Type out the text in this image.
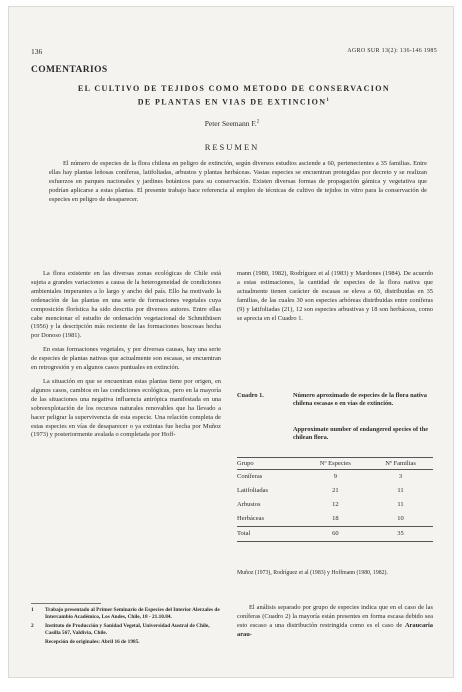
136	AGRO SUR 13(2): 136-146 1985
COMENTARIOS
EL CULTIVO DE TEJIDOS COMO METODO DE CONSERVACION
DE PLANTAS EN VIAS DE EXTINCION$^1$
Peter Seemann F.$^2$
RESUMEN
El número de especies de la flora chilena en peligro de extinción, según diversos estudios asciende a 60, pertenecientes a 35 familias. Entre ellas hay plantas leñosas coníferas, latifoliadas, arbustos y plantas herbáceas. Vastas especies se encuentran protegidas por decreto y se realizan esfuerzos en parques nacionales y jardines botánicos para su conservación. Existen diversas formas de propagación gámica y vegetativa que podrían aplicarse a estas plantas. El presente trabajo hace referencia al empleo de técnicas de cultivo de tejidos in vitro para la conservación de especies en peligro de desaparecer.

La flora existente en las diversas zonas ecológicas de Chile está sujeta a grandes variaciones a causa de la heterogeneidad de condiciones ambientales imperantes a lo largo y ancho del país. Ello ha motivado la ordenación de las plantas en una serie de formaciones vegetales cuya composición florística ha sido descrita por diversos autores. Entre ellas cabe mencionar el estudio de ordenación vegetacional de Schmithüsen (1956) y la descripción más reciente de las formaciones boscosas hecha por Donoso (1981).

En estas formaciones vegetales, y por diversas causas, hay una serie de especies de plantas nativas que actualmente son escasas, se encuentran en retrogresión y en algunos casos puntuales en extinción.

La situación en que se encuentran estas plantas tiene por origen, en algunos casos, cambios en las condiciones ecológicas, pero en la mayoría de las situaciones una negativa influencia antrópica manifestada en una sobreexplotación de los recursos naturales renovables que ha llevado a hacer peligrar la supervivencia de esta especie. Una relación completa de estas especies en vías de desaparecer o ya extintas fue hecha por Muñoz (1973) y posteriormente avalada o completada por Hoff-

mann (1980, 1982), Rodríguez et al (1983) y Mardones (1984). De acuerdo a estas estimaciones, la cantidad de especies de la flora nativa que actualmente tienen carácter de escasas se eleva a 60, distribuidas en 35 familias, de las cuales 30 son especies arbóreas distribuidas entre coníferas (9) y latifoliadas (21), 12 son especies arbustivas y 18 son herbáceas, como se aprecia en el Cuadro 1.

Cuadro 1.	Número aproximado de especies de la flora nativa chilena escasas o en vías de extinción.
Approximate number of endangered species of the chilean flora.
Grupo	Nº Especies	Nº Familias
Coníferas	9	3
Latifoliadas	21	11
Arbustos	12	11
Herbáceas	18	10
Total	60	35
Muñoz (1973), Rodríguez et al (1983) y Hoffmann (1980, 1982).
1 Trabajo presentado al Primer Seminario de Especies del Interior Alerzales de Intercambio Académico, Los Andes, Chile, 18 - 21.10.84.
2 Instituto de Producción y Sanidad Vegetal, Universidad Austral de Chile, Casilla 567, Valdivia, Chile.
Recepción de originales: Abril 16 de 1985.
El análisis separado por grupo de especies indica que en el caso de las coníferas (Cuadro 2) la mayoría están presentes en forma escasa debido sea esto escaso a una distribución restringida como es el caso de Araucaria arau-
